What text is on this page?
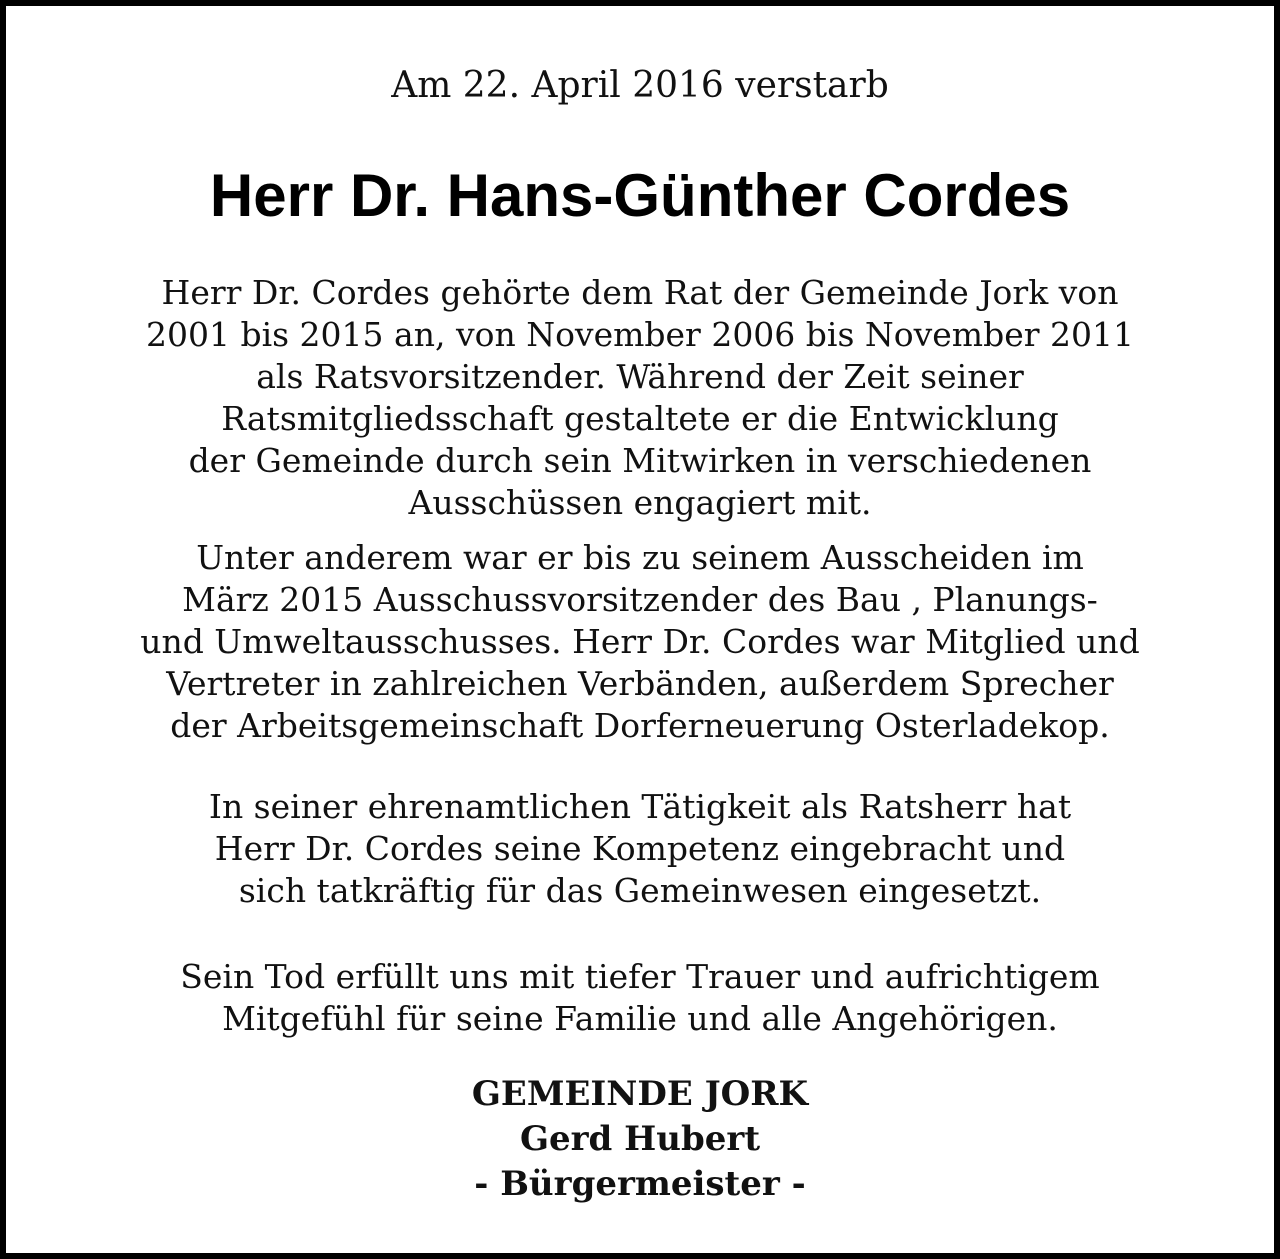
Am 22. April 2016 verstarb
Herr Dr. Hans-Günther Cordes
Herr Dr. Cordes gehörte dem Rat der Gemeinde Jork von
2001 bis 2015 an, von November 2006 bis November 2011
als Ratsvorsitzender. Während der Zeit seiner
Ratsmitgliedsschaft gestaltete er die Entwicklung
der Gemeinde durch sein Mitwirken in verschiedenen
Ausschüssen engagiert mit.
Unter anderem war er bis zu seinem Ausscheiden im
März 2015 Ausschussvorsitzender des Bau , Planungs-
und Umweltausschusses. Herr Dr. Cordes war Mitglied und
Vertreter in zahlreichen Verbänden, außerdem Sprecher
der Arbeitsgemeinschaft Dorferneuerung Osterladekop.
In seiner ehrenamtlichen Tätigkeit als Ratsherr hat
Herr Dr. Cordes seine Kompetenz eingebracht und
sich tatkräftig für das Gemeinwesen eingesetzt.
Sein Tod erfüllt uns mit tiefer Trauer und aufrichtigem
Mitgefühl für seine Familie und alle Angehörigen.
GEMEINDE JORK
Gerd Hubert
- Bürgermeister -
